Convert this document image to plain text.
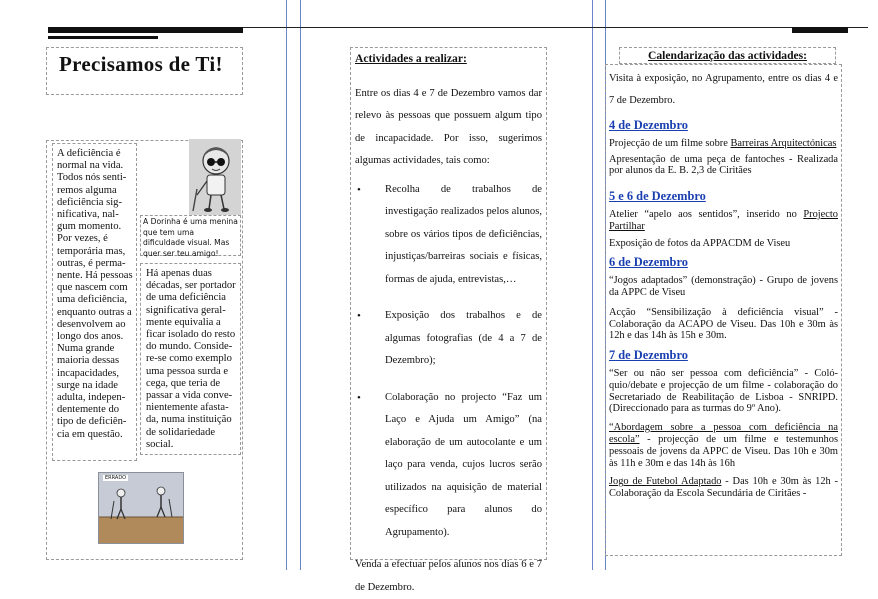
Precisamos de Ti!
A deficiência é normal na vida. Todos nós sentiremos alguma deficiência significativa, nalgum momento. Por vezes, é temporária mas, outras, é permanente. Há pessoas que nascem com uma deficiência, enquanto outras a desenvolvem ao longo dos anos. Numa grande maioria dessas incapacidades, surge na idade adulta, independentemente do tipo de deficiência em questão.
A Dorinha é uma menina que tem uma dificuldade visual. Mas quer ser teu amigo!
Há apenas duas décadas, ser portador de uma deficiência significativa geralmente equivalia a ficar isolado do resto do mundo. Considere-se como exemplo uma pessoa surda e cega, que teria de passar a vida convenientemente afastada, numa instituição de solidariedade social.
ERRADO
Actividades a realizar:
Entre os dias 4 e 7 de Dezembro vamos dar relevo às pessoas que possuem algum tipo de incapacidade. Por isso, sugerimos algumas actividades, tais como:
• Recolha de trabalhos de investigação realizados pelos alunos, sobre os vários tipos de deficiências, injustiças/barreiras sociais e físicas, formas de ajuda, entrevistas,…
• Exposição dos trabalhos e de algumas fotografias (de 4 a 7 de Dezembro);
• Colaboração no projecto “Faz um Laço e Ajuda um Amigo” (na elaboração de um autocolante e um laço para venda, cujos lucros serão utilizados na aquisição de material específico para alunos do Agrupamento).
Venda a efectuar pelos alunos nos dias 6 e 7 de Dezembro.
Calendarização das actividades:

Visita à exposição, no Agrupamento, entre os dias 4 e 7 de Dezembro.

4 de Dezembro

Projecção de um filme sobre Barreiras Arquitectónicas

Apresentação de uma peça de fantoches - Realizada por alunos da E. B. 2,3 de Ciritães

5 e 6 de Dezembro

Atelier “apelo aos sentidos”, inserido no Projecto Partilhar

Exposição de fotos da APPACDM de Viseu

6 de Dezembro

“Jogos adaptados” (demonstração) - Grupo de jovens da APPC de Viseu

Acção “Sensibilização à deficiência visual” - Colaboração da ACAPO de Viseu. Das 10h e 30m às 12h e das 14h às 15h e 30m.

7 de Dezembro

“Ser ou não ser pessoa com deficiência” - Colóquio/debate e projecção de um filme - colaboração do Secretariado de Reabilitação de Lisboa - SNRIPD. (Direccionado para as turmas do 9º Ano).

“Abordagem sobre a pessoa com deficiência na escola” - projecção de um filme e testemunhos pessoais de jovens da APPC de Viseu. Das 10h e 30m às 11h e 30m e das 14h às 16h

Jogo de Futebol Adaptado - Das 10h e 30m às 12h - Colaboração da Escola Secundária de Ciritães -
